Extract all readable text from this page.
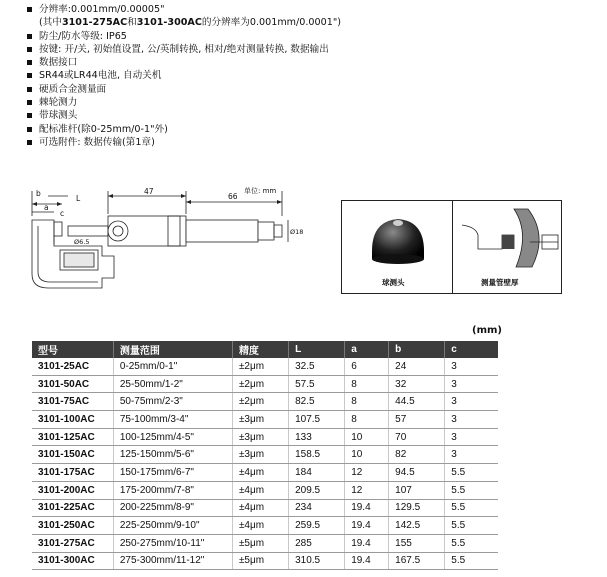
分辨率:0.001mm/0.00005"
(其中3101-275AC和3101-300AC的分辨率为0.001mm/0.0001")
防尘/防水等级: IP65
按键: 开/关, 初始值设置, 公/英制转换, 相对/绝对测量转换, 数据输出
数据接口
SR44或LR44电池, 自动关机
硬质合金测量面
棘轮测力
带球测头
配标准杆(除0-25mm/0-1"外)
可选附件: 数据传输(第1章)
单位: mm
47
66
L
c
a
b
Ø6.5
Ø18
球测头	测量管壁厚
(mm)
型号	测量范围	精度	L	a	b	c
3101-25AC	0-25mm/0-1"	±2μm	32.5	6	24	3
3101-50AC	25-50mm/1-2"	±2μm	57.5	8	32	3
3101-75AC	50-75mm/2-3"	±2μm	82.5	8	44.5	3
3101-100AC	75-100mm/3-4"	±3μm	107.5	8	57	3
3101-125AC	100-125mm/4-5"	±3μm	133	10	70	3
3101-150AC	125-150mm/5-6"	±3μm	158.5	10	82	3
3101-175AC	150-175mm/6-7"	±4μm	184	12	94.5	5.5
3101-200AC	175-200mm/7-8"	±4μm	209.5	12	107	5.5
3101-225AC	200-225mm/8-9"	±4μm	234	19.4	129.5	5.5
3101-250AC	225-250mm/9-10"	±4μm	259.5	19.4	142.5	5.5
3101-275AC	250-275mm/10-11"	±5μm	285	19.4	155	5.5
3101-300AC	275-300mm/11-12"	±5μm	310.5	19.4	167.5	5.5
